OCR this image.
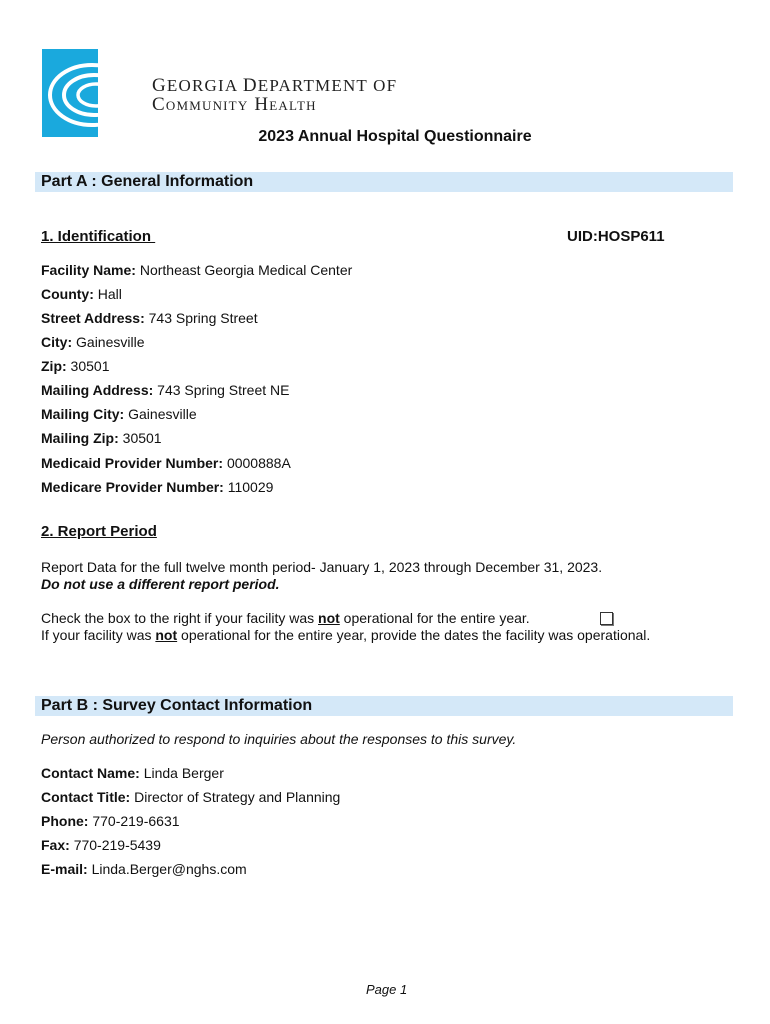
GEORGIA DEPARTMENT OF
Community Health
2023 Annual Hospital Questionnaire
Part A : General Information
1. Identification	UID:HOSP611
Facility Name: Northeast Georgia Medical Center
County: Hall
Street Address: 743 Spring Street
City: Gainesville
Zip: 30501
Mailing Address: 743 Spring Street NE
Mailing City: Gainesville
Mailing Zip: 30501
Medicaid Provider Number: 0000888A
Medicare Provider Number: 110029
2. Report Period
Report Data for the full twelve month period- January 1, 2023 through December 31, 2023.
Do not use a different report period.
Check the box to the right if your facility was not operational for the entire year.
If your facility was not operational for the entire year, provide the dates the facility was operational.
Part B : Survey Contact Information
Person authorized to respond to inquiries about the responses to this survey.
Contact Name: Linda Berger
Contact Title: Director of Strategy and Planning
Phone: 770-219-6631
Fax: 770-219-5439
E-mail: Linda.Berger@nghs.com
Page 1
